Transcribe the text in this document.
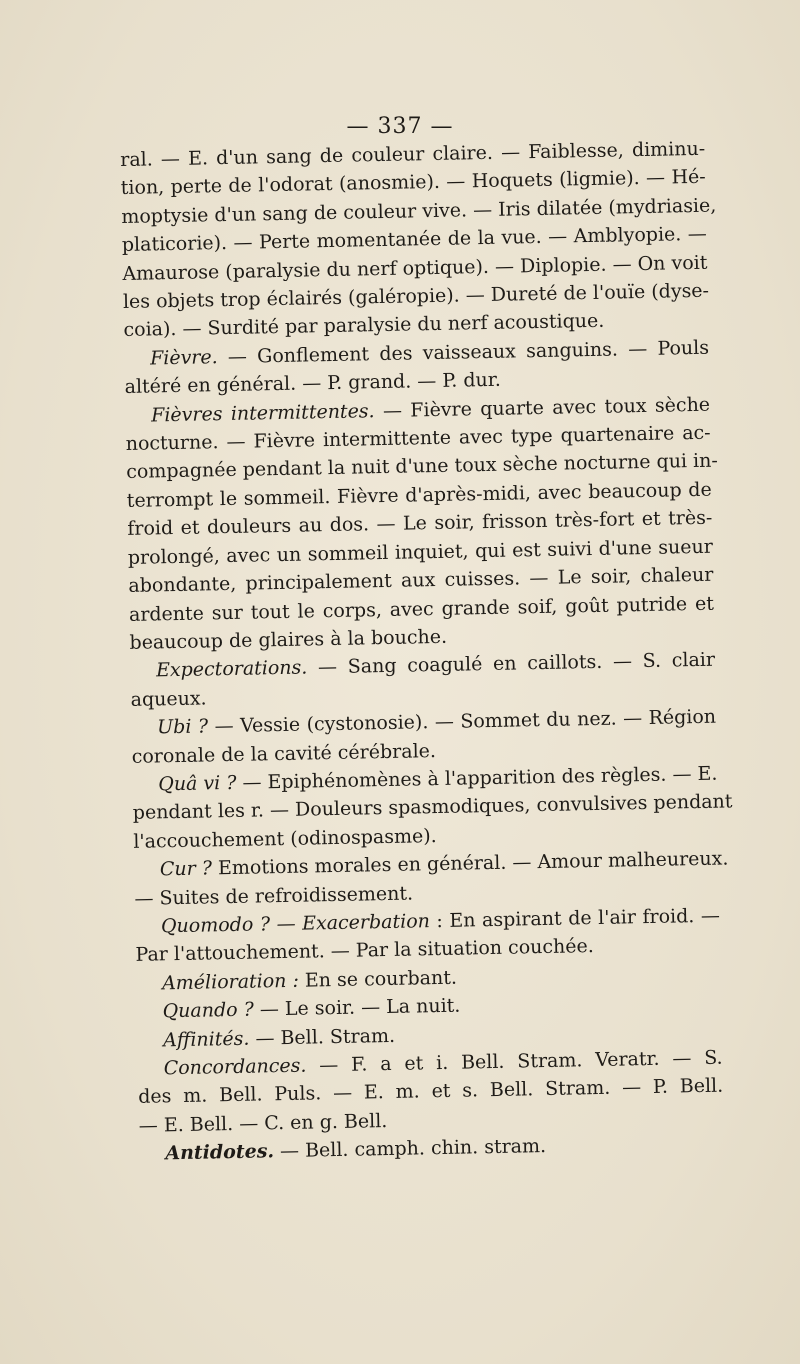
— 337 —
ral. — E. d'un sang de couleur claire. — Faiblesse, diminu-
tion, perte de l'odorat (anosmie). — Hoquets (ligmie). — Hé-
moptysie d'un sang de couleur vive. — Iris dilatée (mydriasie,
platicorie). — Perte momentanée de la vue. — Amblyopie. —
Amaurose (paralysie du nerf optique). — Diplopie. — On voit
les objets trop éclairés (galéropie). — Dureté de l'ouïe (dyse-
coia). — Surdité par paralysie du nerf acoustique.
Fièvre. — Gonflement des vaisseaux sanguins. — Pouls
altéré en général. — P. grand. — P. dur.
Fièvres intermittentes. — Fièvre quarte avec toux sèche
nocturne. — Fièvre intermittente avec type quartenaire ac-
compagnée pendant la nuit d'une toux sèche nocturne qui in-
terrompt le sommeil. Fièvre d'après-midi, avec beaucoup de
froid et douleurs au dos. — Le soir, frisson très-fort et très-
prolongé, avec un sommeil inquiet, qui est suivi d'une sueur
abondante, principalement aux cuisses. — Le soir, chaleur
ardente sur tout le corps, avec grande soif, goût putride et
beaucoup de glaires à la bouche.
Expectorations. — Sang coagulé en caillots. — S. clair
aqueux.
Ubi ? — Vessie (cystonosie). — Sommet du nez. — Région
coronale de la cavité cérébrale.
Quâ vi ? — Epiphénomènes à l'apparition des règles. — E.
pendant les r. — Douleurs spasmodiques, convulsives pendant
l'accouchement (odinospasme).
Cur ? Emotions morales en général. — Amour malheureux.
— Suites de refroidissement.
Quomodo ? — Exacerbation : En aspirant de l'air froid. —
Par l'attouchement. — Par la situation couchée.
Amélioration : En se courbant.
Quando ? — Le soir. — La nuit.
Affinités. — Bell. Stram.
Concordances. — F. a et i. Bell. Stram. Veratr. — S.
des m. Bell. Puls. — E. m. et s. Bell. Stram. — P. Bell.
— E. Bell. — C. en g. Bell.
Antidotes. — Bell. camph. chin. stram.
